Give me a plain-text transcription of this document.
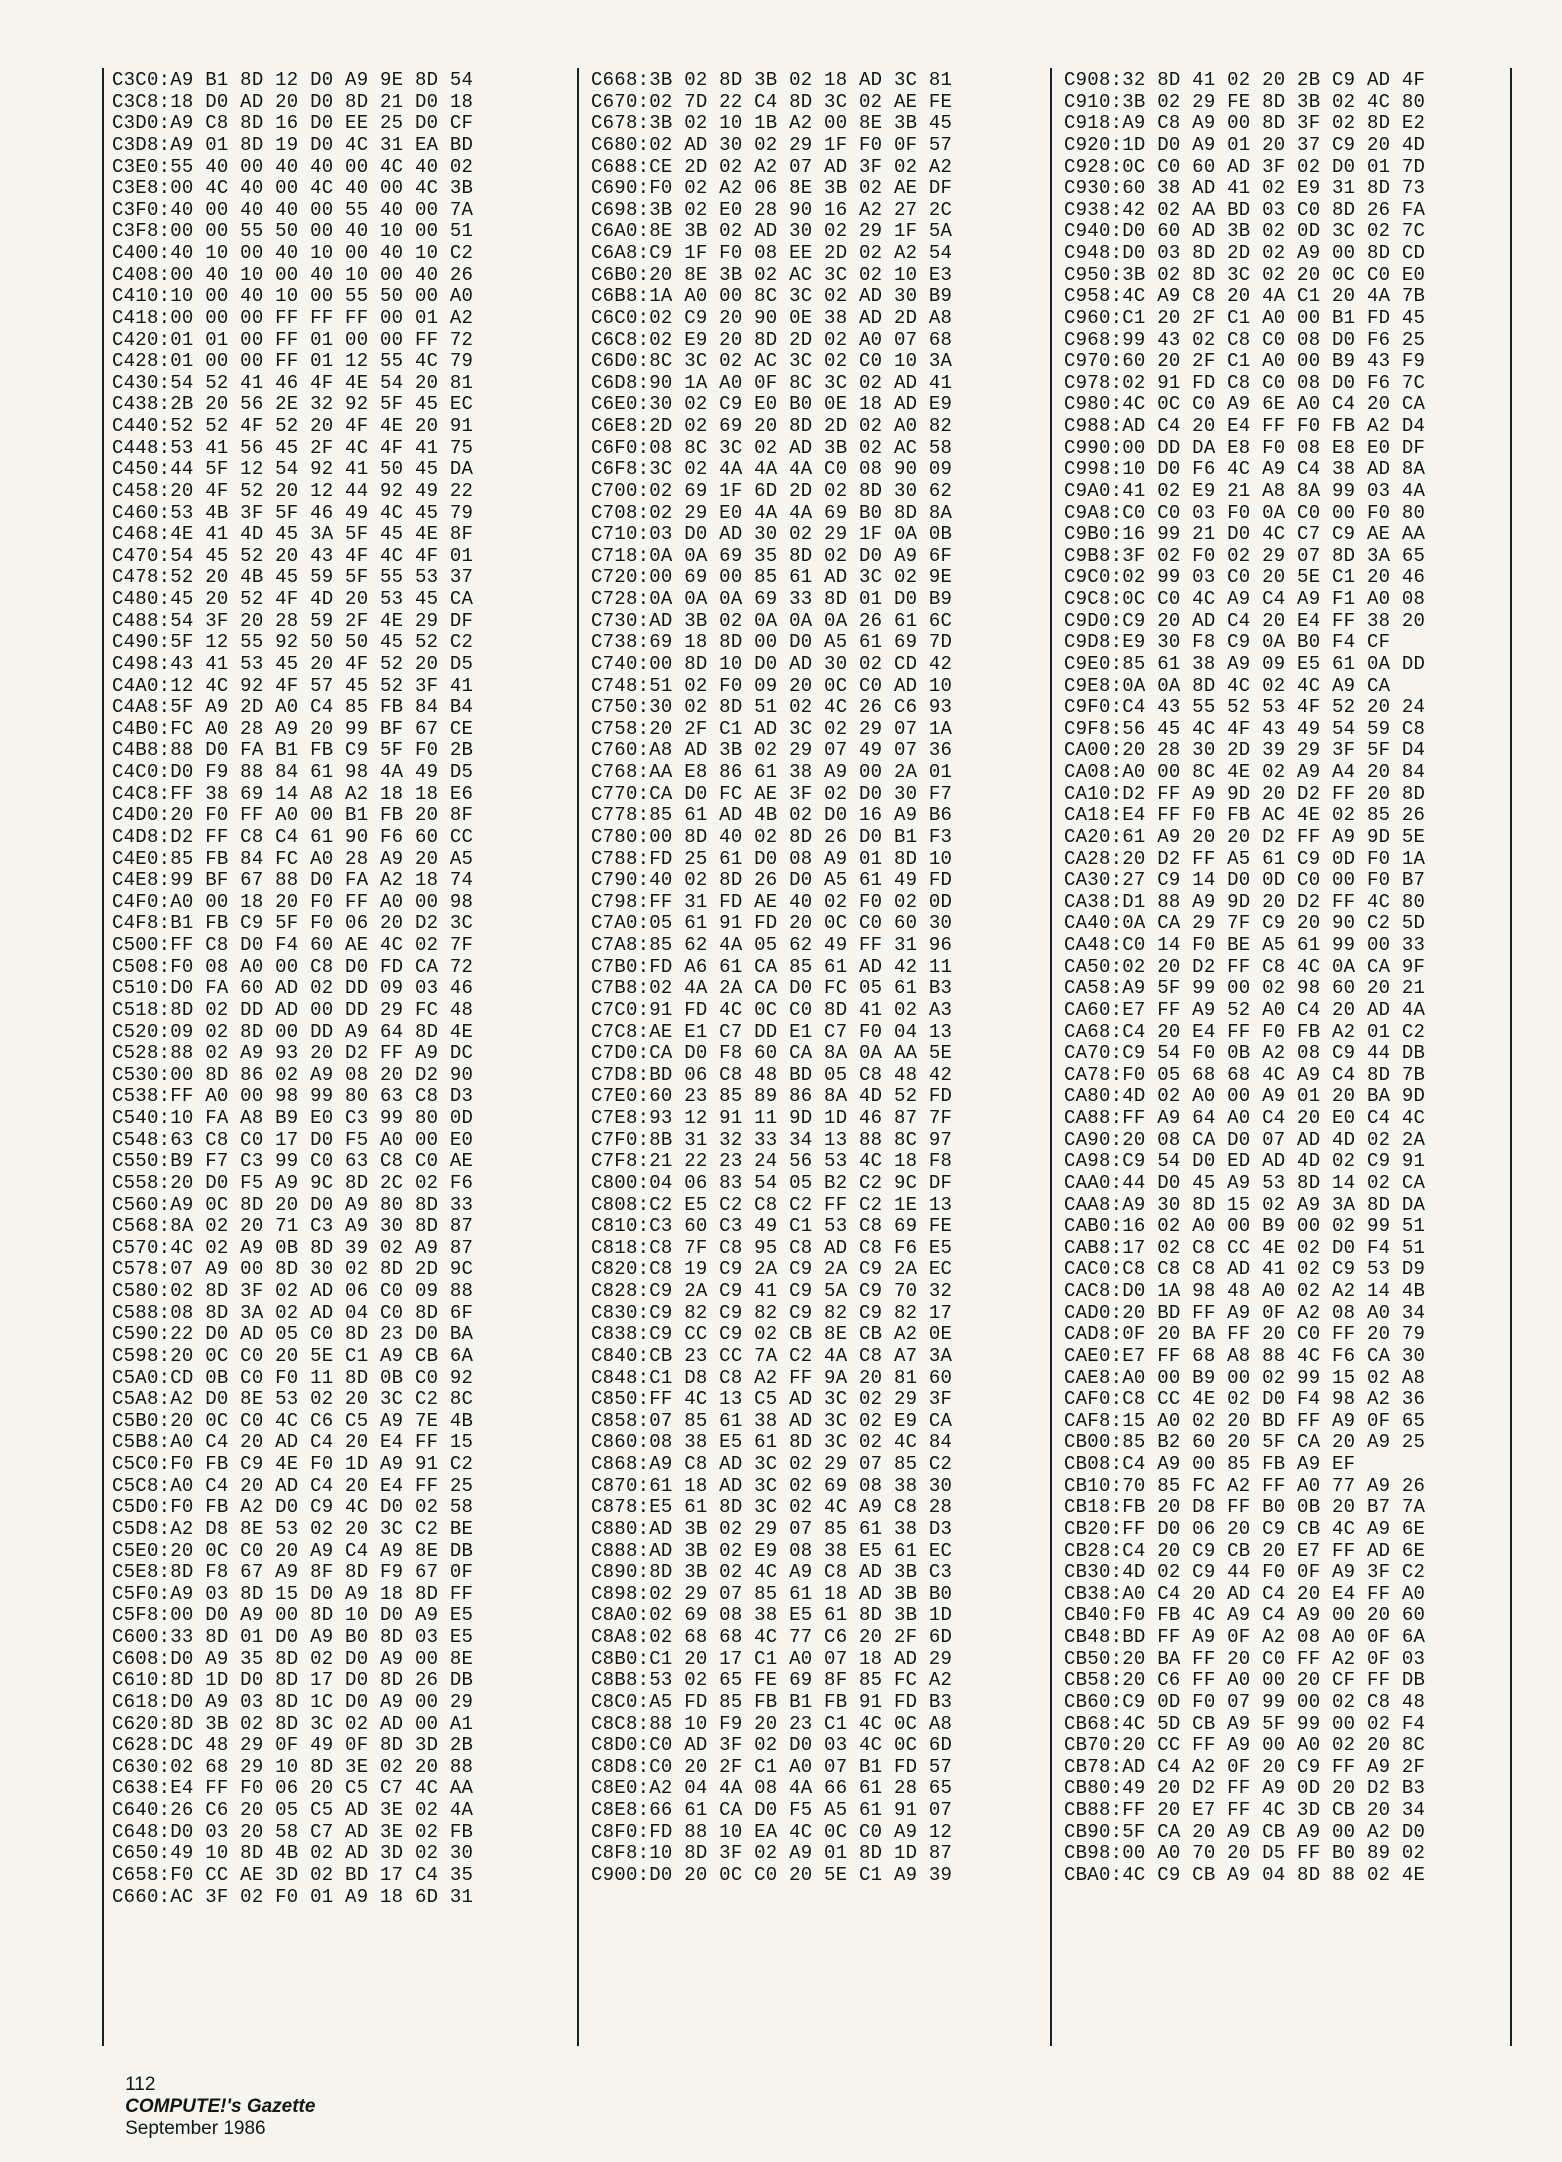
C3C0:A9 B1 8D 12 D0 A9 9E 8D 54
C3C8:18 D0 AD 20 D0 8D 21 D0 18
C3D0:A9 C8 8D 16 D0 EE 25 D0 CF
C3D8:A9 01 8D 19 D0 4C 31 EA BD
C3E0:55 40 00 40 40 00 4C 40 02
C3E8:00 4C 40 00 4C 40 00 4C 3B
C3F0:40 00 40 40 00 55 40 00 7A
C3F8:00 00 55 50 00 40 10 00 51
C400:40 10 00 40 10 00 40 10 C2
C408:00 40 10 00 40 10 00 40 26
C410:10 00 40 10 00 55 50 00 A0
C418:00 00 00 FF FF FF 00 01 A2
C420:01 01 00 FF 01 00 00 FF 72
C428:01 00 00 FF 01 12 55 4C 79
C430:54 52 41 46 4F 4E 54 20 81
C438:2B 20 56 2E 32 92 5F 45 EC
C440:52 52 4F 52 20 4F 4E 20 91
C448:53 41 56 45 2F 4C 4F 41 75
C450:44 5F 12 54 92 41 50 45 DA
C458:20 4F 52 20 12 44 92 49 22
C460:53 4B 3F 5F 46 49 4C 45 79
C468:4E 41 4D 45 3A 5F 45 4E 8F
C470:54 45 52 20 43 4F 4C 4F 01
C478:52 20 4B 45 59 5F 55 53 37
C480:45 20 52 4F 4D 20 53 45 CA
C488:54 3F 20 28 59 2F 4E 29 DF
C490:5F 12 55 92 50 50 45 52 C2
C498:43 41 53 45 20 4F 52 20 D5
C4A0:12 4C 92 4F 57 45 52 3F 41
C4A8:5F A9 2D A0 C4 85 FB 84 B4
C4B0:FC A0 28 A9 20 99 BF 67 CE
C4B8:88 D0 FA B1 FB C9 5F F0 2B
C4C0:D0 F9 88 84 61 98 4A 49 D5
C4C8:FF 38 69 14 A8 A2 18 18 E6
C4D0:20 F0 FF A0 00 B1 FB 20 8F
C4D8:D2 FF C8 C4 61 90 F6 60 CC
C4E0:85 FB 84 FC A0 28 A9 20 A5
C4E8:99 BF 67 88 D0 FA A2 18 74
C4F0:A0 00 18 20 F0 FF A0 00 98
C4F8:B1 FB C9 5F F0 06 20 D2 3C
C500:FF C8 D0 F4 60 AE 4C 02 7F
C508:F0 08 A0 00 C8 D0 FD CA 72
C510:D0 FA 60 AD 02 DD 09 03 46
C518:8D 02 DD AD 00 DD 29 FC 48
C520:09 02 8D 00 DD A9 64 8D 4E
C528:88 02 A9 93 20 D2 FF A9 DC
C530:00 8D 86 02 A9 08 20 D2 90
C538:FF A0 00 98 99 80 63 C8 D3
C540:10 FA A8 B9 E0 C3 99 80 0D
C548:63 C8 C0 17 D0 F5 A0 00 E0
C550:B9 F7 C3 99 C0 63 C8 C0 AE
C558:20 D0 F5 A9 9C 8D 2C 02 F6
C560:A9 0C 8D 20 D0 A9 80 8D 33
C568:8A 02 20 71 C3 A9 30 8D 87
C570:4C 02 A9 0B 8D 39 02 A9 87
C578:07 A9 00 8D 30 02 8D 2D 9C
C580:02 8D 3F 02 AD 06 C0 09 88
C588:08 8D 3A 02 AD 04 C0 8D 6F
C590:22 D0 AD 05 C0 8D 23 D0 BA
C598:20 0C C0 20 5E C1 A9 CB 6A
C5A0:CD 0B C0 F0 11 8D 0B C0 92
C5A8:A2 D0 8E 53 02 20 3C C2 8C
C5B0:20 0C C0 4C C6 C5 A9 7E 4B
C5B8:A0 C4 20 AD C4 20 E4 FF 15
C5C0:F0 FB C9 4E F0 1D A9 91 C2
C5C8:A0 C4 20 AD C4 20 E4 FF 25
C5D0:F0 FB A2 D0 C9 4C D0 02 58
C5D8:A2 D8 8E 53 02 20 3C C2 BE
C5E0:20 0C C0 20 A9 C4 A9 8E DB
C5E8:8D F8 67 A9 8F 8D F9 67 0F
C5F0:A9 03 8D 15 D0 A9 18 8D FF
C5F8:00 D0 A9 00 8D 10 D0 A9 E5
C600:33 8D 01 D0 A9 B0 8D 03 E5
C608:D0 A9 35 8D 02 D0 A9 00 8E
C610:8D 1D D0 8D 17 D0 8D 26 DB
C618:D0 A9 03 8D 1C D0 A9 00 29
C620:8D 3B 02 8D 3C 02 AD 00 A1
C628:DC 48 29 0F 49 0F 8D 3D 2B
C630:02 68 29 10 8D 3E 02 20 88
C638:E4 FF F0 06 20 C5 C7 4C AA
C640:26 C6 20 05 C5 AD 3E 02 4A
C648:D0 03 20 58 C7 AD 3E 02 FB
C650:49 10 8D 4B 02 AD 3D 02 30
C658:F0 CC AE 3D 02 BD 17 C4 35
C660:AC 3F 02 F0 01 A9 18 6D 31
C668:3B 02 8D 3B 02 18 AD 3C 81
C670:02 7D 22 C4 8D 3C 02 AE FE
C678:3B 02 10 1B A2 00 8E 3B 45
C680:02 AD 30 02 29 1F F0 0F 57
C688:CE 2D 02 A2 07 AD 3F 02 A2
C690:F0 02 A2 06 8E 3B 02 AE DF
C698:3B 02 E0 28 90 16 A2 27 2C
C6A0:8E 3B 02 AD 30 02 29 1F 5A
C6A8:C9 1F F0 08 EE 2D 02 A2 54
C6B0:20 8E 3B 02 AC 3C 02 10 E3
C6B8:1A A0 00 8C 3C 02 AD 30 B9
C6C0:02 C9 20 90 0E 38 AD 2D A8
C6C8:02 E9 20 8D 2D 02 A0 07 68
C6D0:8C 3C 02 AC 3C 02 C0 10 3A
C6D8:90 1A A0 0F 8C 3C 02 AD 41
C6E0:30 02 C9 E0 B0 0E 18 AD E9
C6E8:2D 02 69 20 8D 2D 02 A0 82
C6F0:08 8C 3C 02 AD 3B 02 AC 58
C6F8:3C 02 4A 4A 4A C0 08 90 09
C700:02 69 1F 6D 2D 02 8D 30 62
C708:02 29 E0 4A 4A 69 B0 8D 8A
C710:03 D0 AD 30 02 29 1F 0A 0B
C718:0A 0A 69 35 8D 02 D0 A9 6F
C720:00 69 00 85 61 AD 3C 02 9E
C728:0A 0A 0A 69 33 8D 01 D0 B9
C730:AD 3B 02 0A 0A 0A 26 61 6C
C738:69 18 8D 00 D0 A5 61 69 7D
C740:00 8D 10 D0 AD 30 02 CD 42
C748:51 02 F0 09 20 0C C0 AD 10
C750:30 02 8D 51 02 4C 26 C6 93
C758:20 2F C1 AD 3C 02 29 07 1A
C760:A8 AD 3B 02 29 07 49 07 36
C768:AA E8 86 61 38 A9 00 2A 01
C770:CA D0 FC AE 3F 02 D0 30 F7
C778:85 61 AD 4B 02 D0 16 A9 B6
C780:00 8D 40 02 8D 26 D0 B1 F3
C788:FD 25 61 D0 08 A9 01 8D 10
C790:40 02 8D 26 D0 A5 61 49 FD
C798:FF 31 FD AE 40 02 F0 02 0D
C7A0:05 61 91 FD 20 0C C0 60 30
C7A8:85 62 4A 05 62 49 FF 31 96
C7B0:FD A6 61 CA 85 61 AD 42 11
C7B8:02 4A 2A CA D0 FC 05 61 B3
C7C0:91 FD 4C 0C C0 8D 41 02 A3
C7C8:AE E1 C7 DD E1 C7 F0 04 13
C7D0:CA D0 F8 60 CA 8A 0A AA 5E
C7D8:BD 06 C8 48 BD 05 C8 48 42
C7E0:60 23 85 89 86 8A 4D 52 FD
C7E8:93 12 91 11 9D 1D 46 87 7F
C7F0:8B 31 32 33 34 13 88 8C 97
C7F8:21 22 23 24 56 53 4C 18 F8
C800:04 06 83 54 05 B2 C2 9C DF
C808:C2 E5 C2 C8 C2 FF C2 1E 13
C810:C3 60 C3 49 C1 53 C8 69 FE
C818:C8 7F C8 95 C8 AD C8 F6 E5
C820:C8 19 C9 2A C9 2A C9 2A EC
C828:C9 2A C9 41 C9 5A C9 70 32
C830:C9 82 C9 82 C9 82 C9 82 17
C838:C9 CC C9 02 CB 8E CB A2 0E
C840:CB 23 CC 7A C2 4A C8 A7 3A
C848:C1 D8 C8 A2 FF 9A 20 81 60
C850:FF 4C 13 C5 AD 3C 02 29 3F
C858:07 85 61 38 AD 3C 02 E9 CA
C860:08 38 E5 61 8D 3C 02 4C 84
C868:A9 C8 AD 3C 02 29 07 85 C2
C870:61 18 AD 3C 02 69 08 38 30
C878:E5 61 8D 3C 02 4C A9 C8 28
C880:AD 3B 02 29 07 85 61 38 D3
C888:AD 3B 02 E9 08 38 E5 61 EC
C890:8D 3B 02 4C A9 C8 AD 3B C3
C898:02 29 07 85 61 18 AD 3B B0
C8A0:02 69 08 38 E5 61 8D 3B 1D
C8A8:02 68 68 4C 77 C6 20 2F 6D
C8B0:C1 20 17 C1 A0 07 18 AD 29
C8B8:53 02 65 FE 69 8F 85 FC A2
C8C0:A5 FD 85 FB B1 FB 91 FD B3
C8C8:88 10 F9 20 23 C1 4C 0C A8
C8D0:C0 AD 3F 02 D0 03 4C 0C 6D
C8D8:C0 20 2F C1 A0 07 B1 FD 57
C8E0:A2 04 4A 08 4A 66 61 28 65
C8E8:66 61 CA D0 F5 A5 61 91 07
C8F0:FD 88 10 EA 4C 0C C0 A9 12
C8F8:10 8D 3F 02 A9 01 8D 1D 87
C900:D0 20 0C C0 20 5E C1 A9 39
C908:32 8D 41 02 20 2B C9 AD 4F
C910:3B 02 29 FE 8D 3B 02 4C 80
C918:A9 C8 A9 00 8D 3F 02 8D E2
C920:1D D0 A9 01 20 37 C9 20 4D
C928:0C C0 60 AD 3F 02 D0 01 7D
C930:60 38 AD 41 02 E9 31 8D 73
C938:42 02 AA BD 03 C0 8D 26 FA
C940:D0 60 AD 3B 02 0D 3C 02 7C
C948:D0 03 8D 2D 02 A9 00 8D CD
C950:3B 02 8D 3C 02 20 0C C0 E0
C958:4C A9 C8 20 4A C1 20 4A 7B
C960:C1 20 2F C1 A0 00 B1 FD 45
C968:99 43 02 C8 C0 08 D0 F6 25
C970:60 20 2F C1 A0 00 B9 43 F9
C978:02 91 FD C8 C0 08 D0 F6 7C
C980:4C 0C C0 A9 6E A0 C4 20 CA
C988:AD C4 20 E4 FF F0 FB A2 D4
C990:00 DD DA E8 F0 08 E8 E0 DF
C998:10 D0 F6 4C A9 C4 38 AD 8A
C9A0:41 02 E9 21 A8 8A 99 03 4A
C9A8:C0 C0 03 F0 0A C0 00 F0 80
C9B0:16 99 21 D0 4C C7 C9 AE AA
C9B8:3F 02 F0 02 29 07 8D 3A 65
C9C0:02 99 03 C0 20 5E C1 20 46
C9C8:0C C0 4C A9 C4 A9 F1 A0 08
C9D0:C9 20 AD C4 20 E4 FF 38 20
C9D8:E9 30 F8 C9 0A B0 F4 CF
C9E0:85 61 38 A9 09 E5 61 0A DD
C9E8:0A 0A 8D 4C 02 4C A9 CA
C9F0:C4 43 55 52 53 4F 52 20 24
C9F8:56 45 4C 4F 43 49 54 59 C8
CA00:20 28 30 2D 39 29 3F 5F D4
CA08:A0 00 8C 4E 02 A9 A4 20 84
CA10:D2 FF A9 9D 20 D2 FF 20 8D
CA18:E4 FF F0 FB AC 4E 02 85 26
CA20:61 A9 20 20 D2 FF A9 9D 5E
CA28:20 D2 FF A5 61 C9 0D F0 1A
CA30:27 C9 14 D0 0D C0 00 F0 B7
CA38:D1 88 A9 9D 20 D2 FF 4C 80
CA40:0A CA 29 7F C9 20 90 C2 5D
CA48:C0 14 F0 BE A5 61 99 00 33
CA50:02 20 D2 FF C8 4C 0A CA 9F
CA58:A9 5F 99 00 02 98 60 20 21
CA60:E7 FF A9 52 A0 C4 20 AD 4A
CA68:C4 20 E4 FF F0 FB A2 01 C2
CA70:C9 54 F0 0B A2 08 C9 44 DB
CA78:F0 05 68 68 4C A9 C4 8D 7B
CA80:4D 02 A0 00 A9 01 20 BA 9D
CA88:FF A9 64 A0 C4 20 E0 C4 4C
CA90:20 08 CA D0 07 AD 4D 02 2A
CA98:C9 54 D0 ED AD 4D 02 C9 91
CAA0:44 D0 45 A9 53 8D 14 02 CA
CAA8:A9 30 8D 15 02 A9 3A 8D DA
CAB0:16 02 A0 00 B9 00 02 99 51
CAB8:17 02 C8 CC 4E 02 D0 F4 51
CAC0:C8 C8 C8 AD 41 02 C9 53 D9
CAC8:D0 1A 98 48 A0 02 A2 14 4B
CAD0:20 BD FF A9 0F A2 08 A0 34
CAD8:0F 20 BA FF 20 C0 FF 20 79
CAE0:E7 FF 68 A8 88 4C F6 CA 30
CAE8:A0 00 B9 00 02 99 15 02 A8
CAF0:C8 CC 4E 02 D0 F4 98 A2 36
CAF8:15 A0 02 20 BD FF A9 0F 65
CB00:85 B2 60 20 5F CA 20 A9 25
CB08:C4 A9 00 85 FB A9 EF
CB10:70 85 FC A2 FF A0 77 A9 26
CB18:FB 20 D8 FF B0 0B 20 B7 7A
CB20:FF D0 06 20 C9 CB 4C A9 6E
CB28:C4 20 C9 CB 20 E7 FF AD 6E
CB30:4D 02 C9 44 F0 0F A9 3F C2
CB38:A0 C4 20 AD C4 20 E4 FF A0
CB40:F0 FB 4C A9 C4 A9 00 20 60
CB48:BD FF A9 0F A2 08 A0 0F 6A
CB50:20 BA FF 20 C0 FF A2 0F 03
CB58:20 C6 FF A0 00 20 CF FF DB
CB60:C9 0D F0 07 99 00 02 C8 48
CB68:4C 5D CB A9 5F 99 00 02 F4
CB70:20 CC FF A9 00 A0 02 20 8C
CB78:AD C4 A2 0F 20 C9 FF A9 2F
CB80:49 20 D2 FF A9 0D 20 D2 B3
CB88:FF 20 E7 FF 4C 3D CB 20 34
CB90:5F CA 20 A9 CB A9 00 A2 D0
CB98:00 A0 70 20 D5 FF B0 89 02
CBA0:4C C9 CB A9 04 8D 88 02 4E

112
COMPUTE!'s Gazette
September 1986
